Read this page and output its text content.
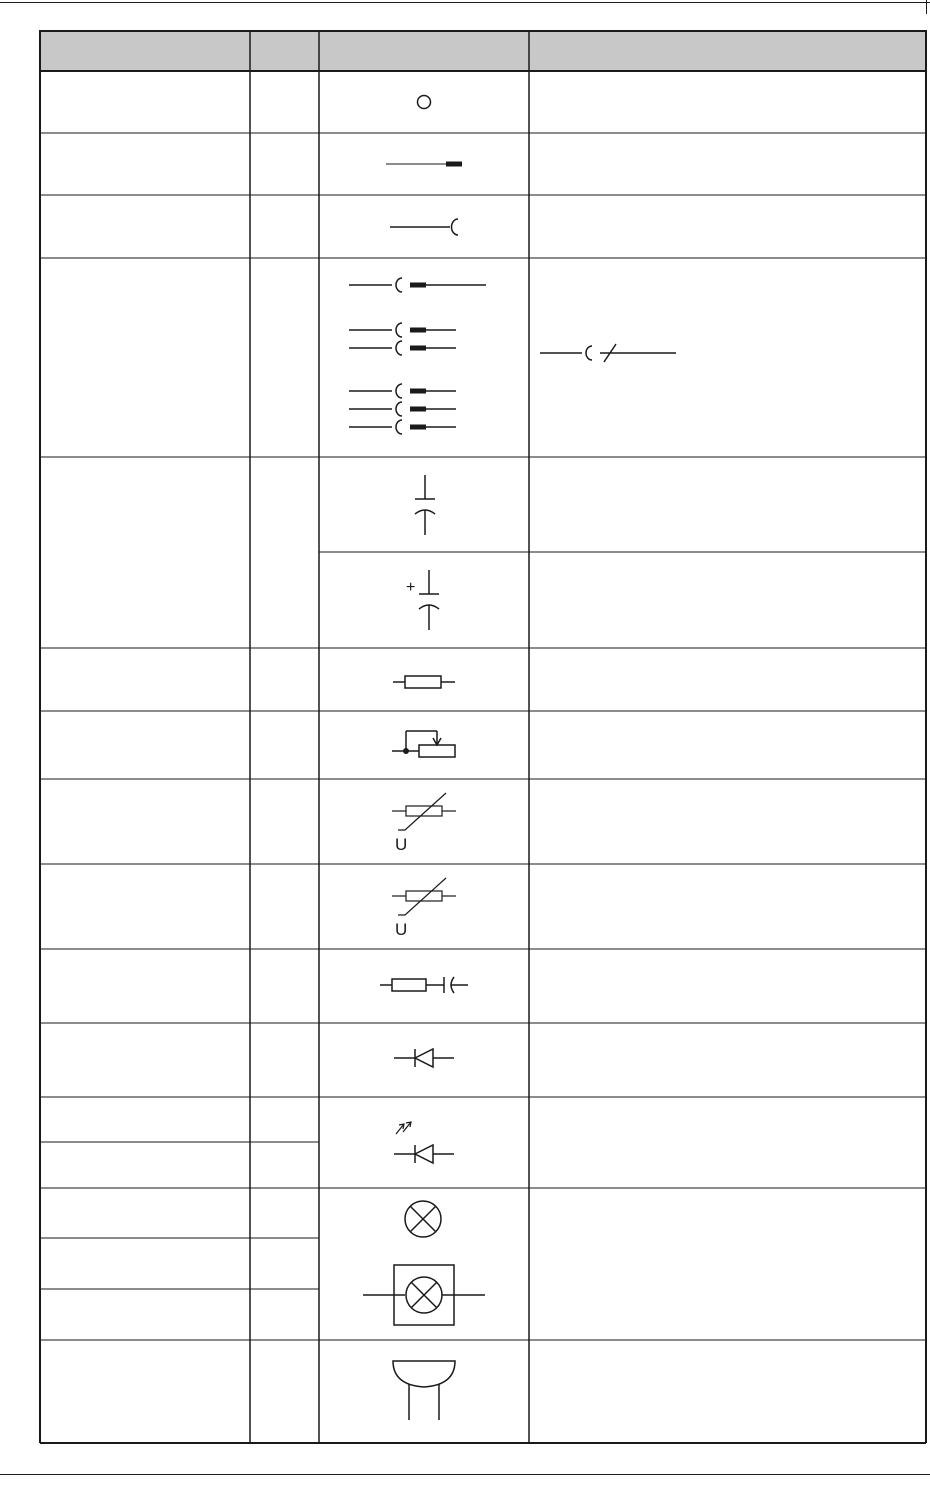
+
U
U
